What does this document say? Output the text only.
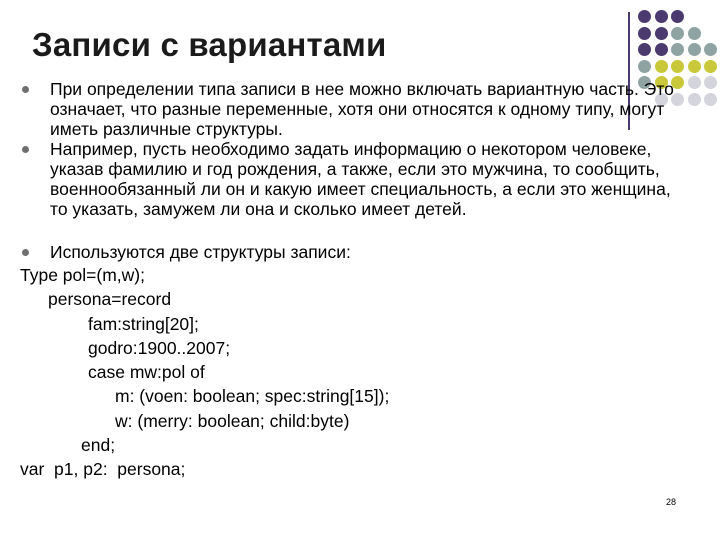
Записи с вариантами
При определении типа записи в нее можно включать вариантную часть. Это означает, что разные переменные, хотя они относятся к одному типу, могут иметь различные структуры.
Например, пусть необходимо задать информацию о некотором человеке, указав фамилию и год рождения, а также, если это мужчина, то сообщить, военнообязанный ли он и какую имеет специальность, а если это женщина, то указать, замужем ли она и сколько имеет детей.
Используются две структуры записи:
Type pol=(m,w);
persona=record
fam:string[20];
godro:1900..2007;
case mw:pol of
m: (voen: boolean; spec:string[15]);
w: (merry: boolean; child:byte)
end;
var  p1, p2:  persona;
28
